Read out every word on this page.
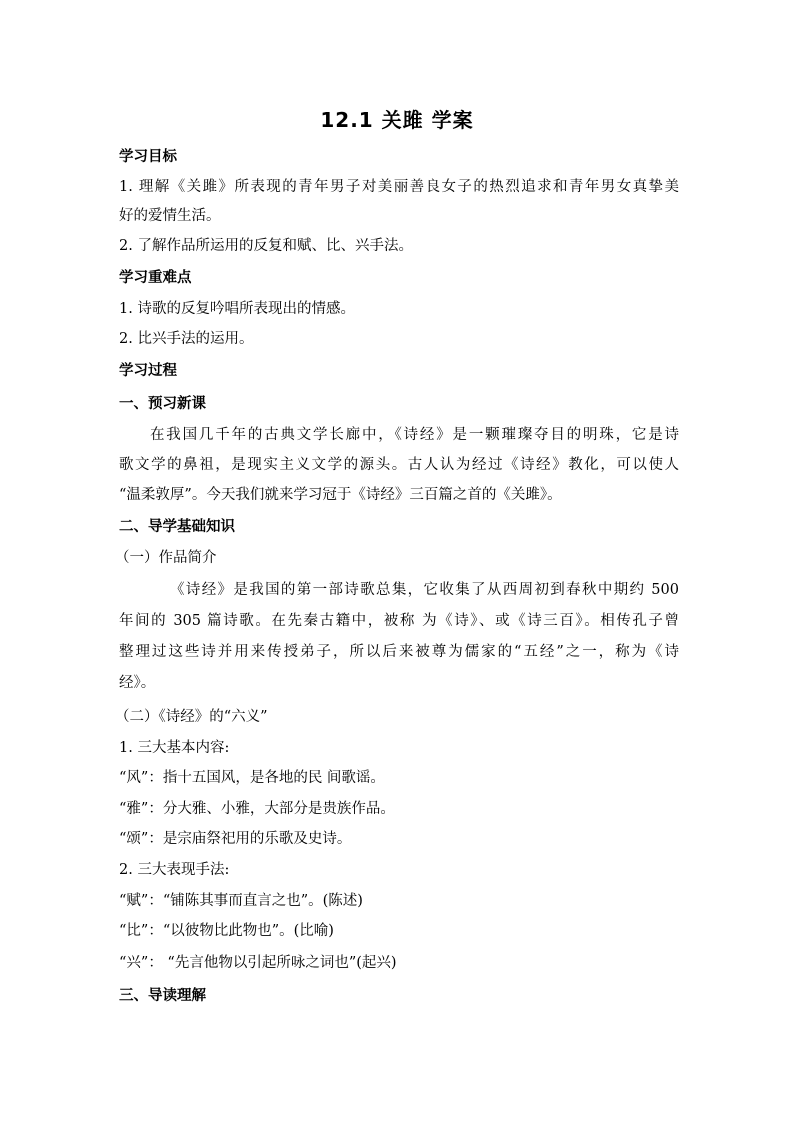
12.1 关雎 学案
学习目标
1. 理解《关雎》所表现的青年男子对美丽善良女子的热烈追求和青年男女真挚美
好的爱情生活。
2. 了解作品所运用的反复和赋、比、兴手法。
学习重难点
1. 诗歌的反复吟唱所表现出的情感。
2. 比兴手法的运用。
学习过程
一、预习新课
在我国几千年的古典文学长廊中，《诗经》是一颗璀璨夺目的明珠，它是诗
歌文学的鼻祖，是现实主义文学的源头。古人认为经过《诗经》教化，可以使人
“温柔敦厚”。今天我们就来学习冠于《诗经》三百篇之首的《关雎》。
二、导学基础知识
（一）作品简介
《诗经》是我国的第一部诗歌总集，它收集了从西周初到春秋中期约 500
年间的 305 篇诗歌。在先秦古籍中，被称 为《诗》、或《诗三百》。相传孔子曾
整理过这些诗并用来传授弟子，所以后来被尊为儒家的“五经”之一，称为《诗
经》。
（二）《诗经》的“六义”
1. 三大基本内容:
“风”：指十五国风，是各地的民 间歌谣。
“雅”：分大雅、小雅，大部分是贵族作品。
“颂”：是宗庙祭祀用的乐歌及史诗。
2. 三大表现手法:
“赋”：“铺陈其事而直言之也”。(陈述)
“比”：“以彼物比此物也”。(比喻)
“兴”： “先言他物以引起所咏之词也”(起兴)
三、导读理解
